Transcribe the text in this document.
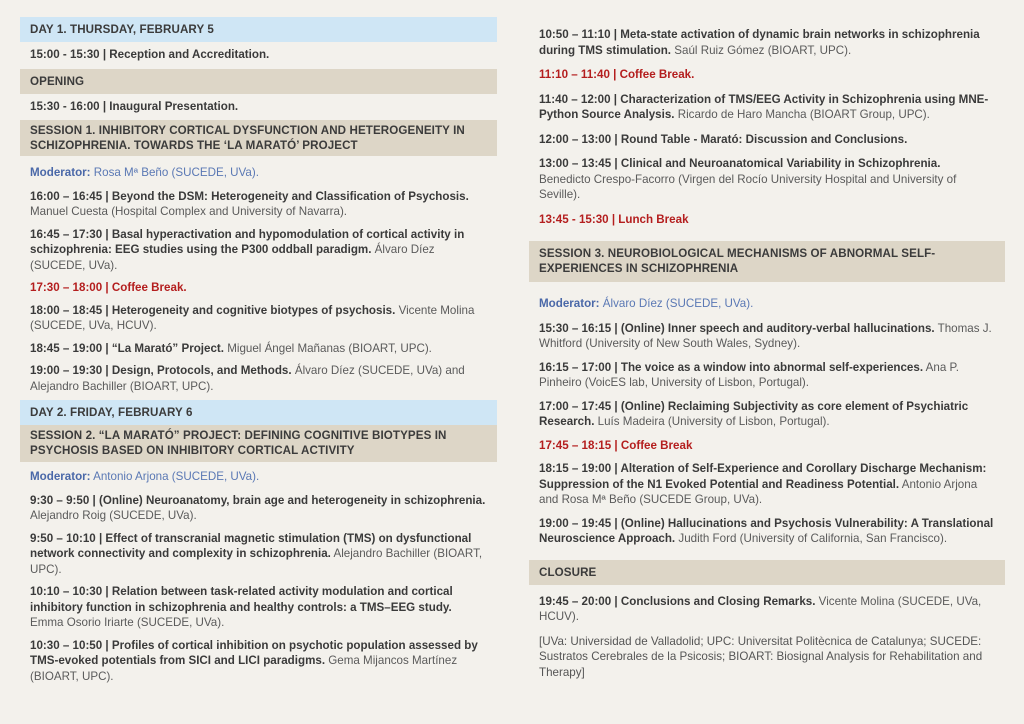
DAY 1. THURSDAY, FEBRUARY 5
15:00 - 15:30 | Reception and Accreditation.
OPENING
15:30 - 16:00 | Inaugural Presentation.
SESSION 1. INHIBITORY CORTICAL DYSFUNCTION AND HETEROGENEITY IN SCHIZOPHRENIA. TOWARDS THE ‘LA MARATÓ’ PROJECT
Moderator: Rosa Mª Beño (SUCEDE, UVa).
16:00 – 16:45 | Beyond the DSM: Heterogeneity and Classification of Psychosis. Manuel Cuesta (Hospital Complex and University of Navarra).
16:45 – 17:30 | Basal hyperactivation and hypomodulation of cortical activity in schizophrenia: EEG studies using the P300 oddball paradigm. Álvaro Díez (SUCEDE, UVa).
17:30 – 18:00 | Coffee Break.
18:00 – 18:45 | Heterogeneity and cognitive biotypes of psychosis. Vicente Molina (SUCEDE, UVa, HCUV).
18:45 – 19:00 | “La Marató” Project. Miguel Ángel Mañanas (BIOART, UPC).
19:00 – 19:30 | Design, Protocols, and Methods. Álvaro Díez (SUCEDE, UVa) and Alejandro Bachiller (BIOART, UPC).
DAY 2. FRIDAY, FEBRUARY 6
SESSION 2. “LA MARATÓ” PROJECT: DEFINING COGNITIVE BIOTYPES IN PSYCHOSIS BASED ON INHIBITORY CORTICAL ACTIVITY
Moderator: Antonio Arjona (SUCEDE, UVa).
9:30 – 9:50 | (Online) Neuroanatomy, brain age and heterogeneity in schizophrenia. Alejandro Roig (SUCEDE, UVa).
9:50 – 10:10 | Effect of transcranial magnetic stimulation (TMS) on dysfunctional network connectivity and complexity in schizophrenia. Alejandro Bachiller (BIOART, UPC).
10:10 – 10:30 | Relation between task-related activity modulation and cortical inhibitory function in schizophrenia and healthy controls: a TMS–EEG study. Emma Osorio Iriarte (SUCEDE, UVa).
10:30 – 10:50 | Profiles of cortical inhibition on psychotic population assessed by TMS-evoked potentials from SICI and LICI paradigms. Gema Mijancos Martínez (BIOART, UPC).
10:50 – 11:10 | Meta-state activation of dynamic brain networks in schizophrenia during TMS stimulation. Saúl Ruiz Gómez (BIOART, UPC).
11:10 – 11:40 | Coffee Break.
11:40 – 12:00 | Characterization of TMS/EEG Activity in Schizophrenia using MNE-Python Source Analysis. Ricardo de Haro Mancha (BIOART Group, UPC).
12:00 – 13:00 | Round Table - Marató: Discussion and Conclusions.
13:00 – 13:45 | Clinical and Neuroanatomical Variability in Schizophrenia. Benedicto Crespo-Facorro (Virgen del Rocío University Hospital and University of Seville).
13:45 - 15:30 | Lunch Break
SESSION 3. NEUROBIOLOGICAL MECHANISMS OF ABNORMAL SELF-EXPERIENCES IN SCHIZOPHRENIA
Moderator: Álvaro Díez (SUCEDE, UVa).
15:30 – 16:15 | (Online) Inner speech and auditory-verbal hallucinations. Thomas J. Whitford (University of New South Wales, Sydney).
16:15 – 17:00 | The voice as a window into abnormal self-experiences. Ana P. Pinheiro (VoicES lab, University of Lisbon, Portugal).
17:00 – 17:45 | (Online) Reclaiming Subjectivity as core element of Psychiatric Research. Luís Madeira (University of Lisbon, Portugal).
17:45 – 18:15 | Coffee Break
18:15 – 19:00 | Alteration of Self-Experience and Corollary Discharge Mechanism: Suppression of the N1 Evoked Potential and Readiness Potential. Antonio Arjona and Rosa Mª Beño (SUCEDE Group, UVa).
19:00 – 19:45 | (Online) Hallucinations and Psychosis Vulnerability: A Translational Neuroscience Approach. Judith Ford (University of California, San Francisco).
CLOSURE
19:45 – 20:00 | Conclusions and Closing Remarks. Vicente Molina (SUCEDE, UVa, HCUV).
[UVa: Universidad de Valladolid; UPC: Universitat Politècnica de Catalunya; SUCEDE: Sustratos Cerebrales de la Psicosis; BIOART: Biosignal Analysis for Rehabilitation and Therapy]
